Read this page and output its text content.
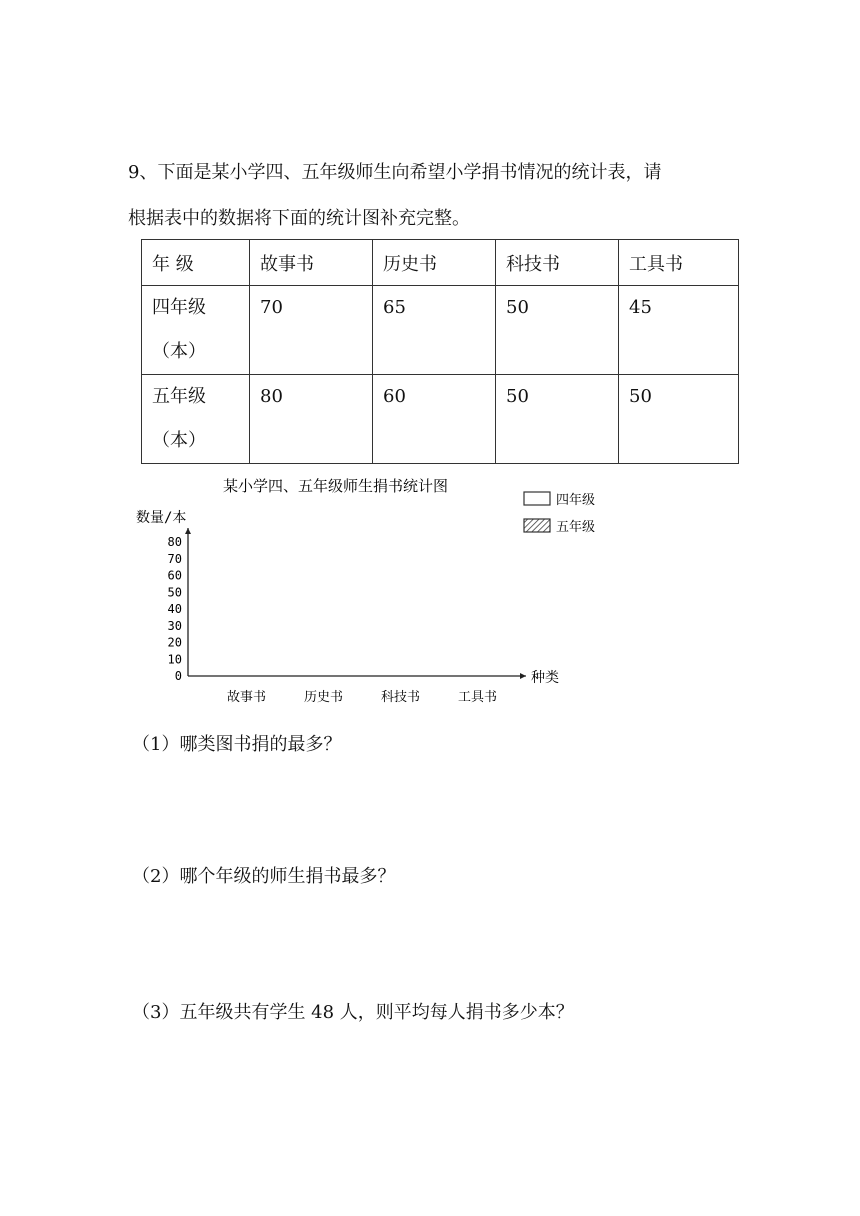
9、下面是某小学四、五年级师生向希望小学捐书情况的统计表，请
根据表中的数据将下面的统计图补充完整。
年 级	故事书	历史书	科技书	工具书

四年级
（本）	70	65	50	45

五年级
（本）	80	60	50	50
某小学四、五年级师生捐书统计图
数量/本
种类
四年级
五年级
0
10
20
30
40
50
60
70
80
故事书	历史书	科技书	工具书
（1）哪类图书捐的最多？
（2）哪个年级的师生捐书最多？
（3）五年级共有学生 48 人，则平均每人捐书多少本？
